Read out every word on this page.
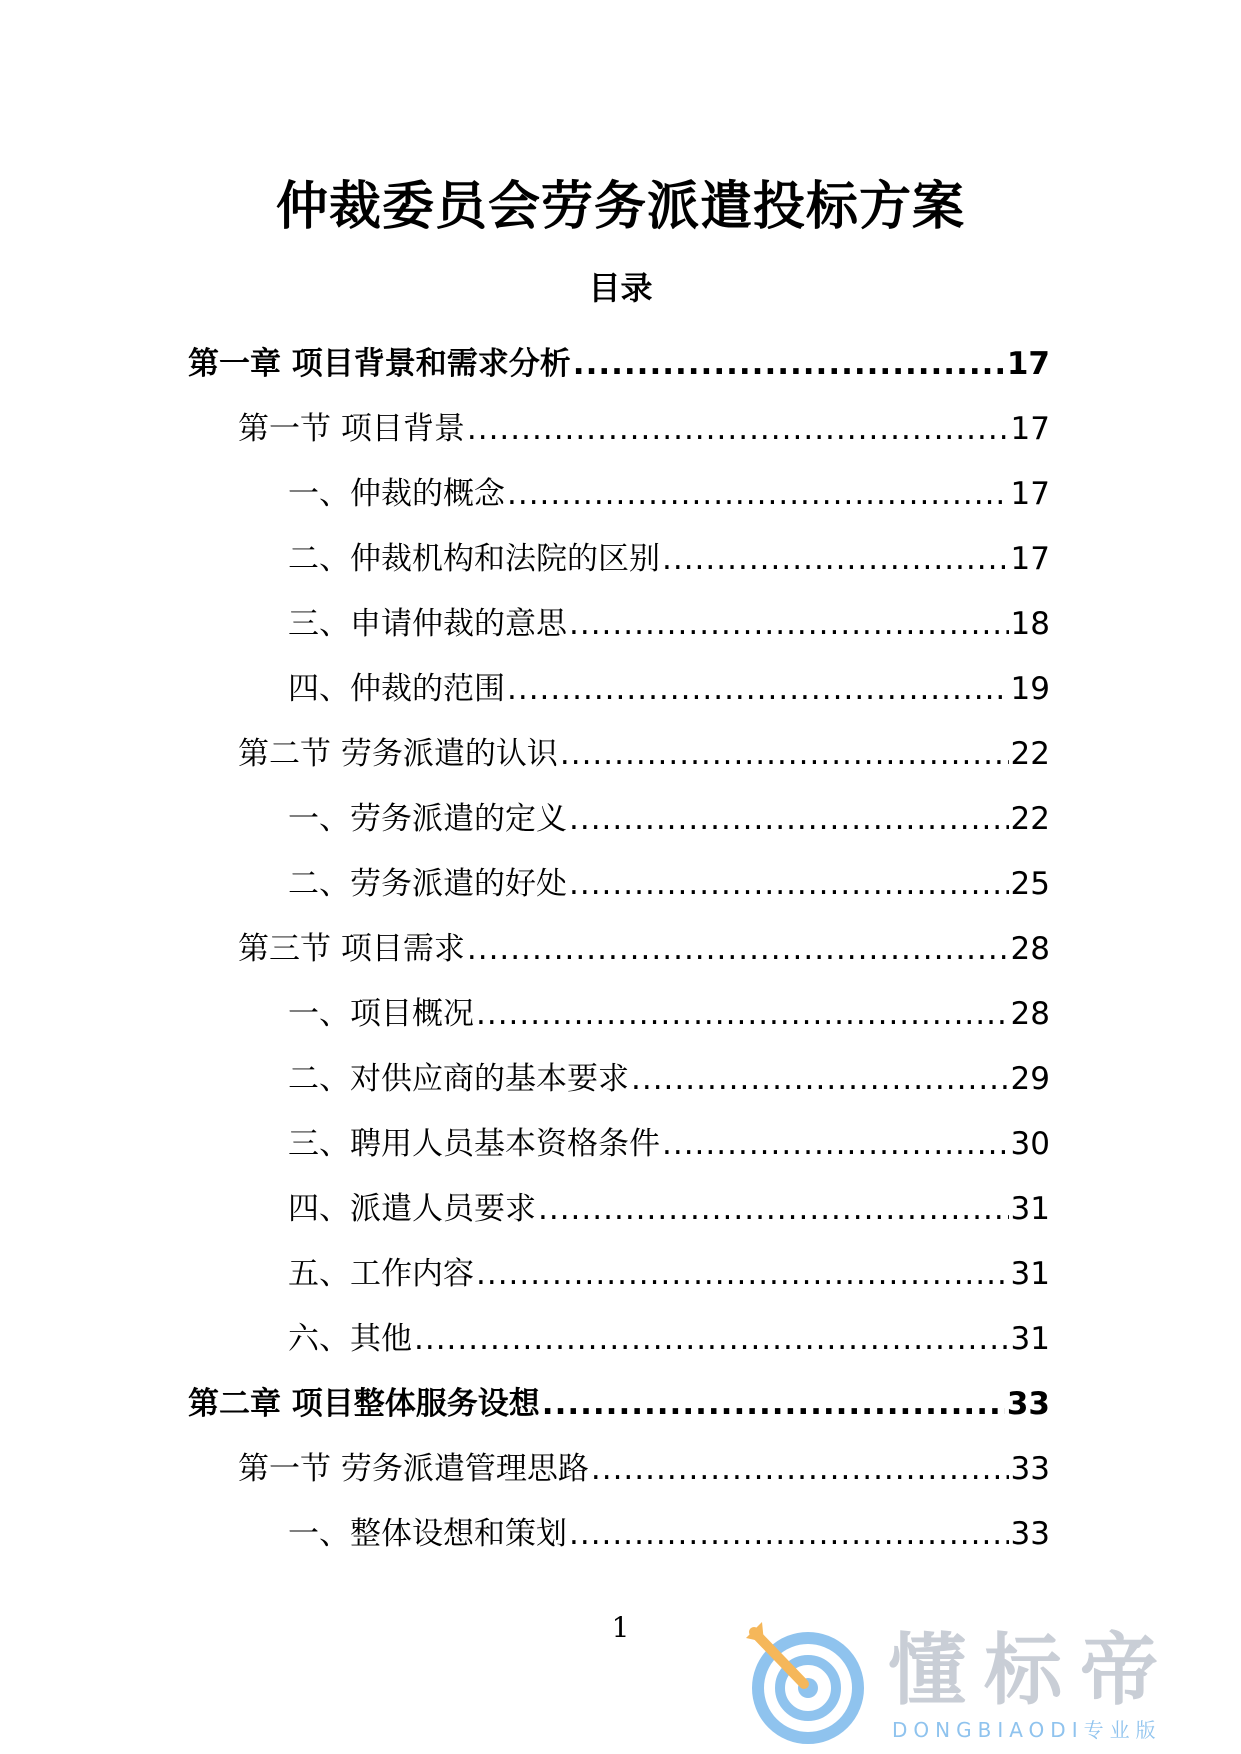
仲裁委员会劳务派遣投标方案
目录
第一章 项目背景和需求分析 .....	17
第一节 项目背景 .....	17
一、仲裁的概念 .....	17
二、仲裁机构和法院的区别 .....	17
三、申请仲裁的意思 .....	18
四、仲裁的范围 .....	19
第二节 劳务派遣的认识 .....	22
一、劳务派遣的定义 .....	22
二、劳务派遣的好处 .....	25
第三节 项目需求 .....	28
一、项目概况 .....	28
二、对供应商的基本要求 .....	29
三、聘用人员基本资格条件 .....	30
四、派遣人员要求 .....	31
五、工作内容 .....	31
六、其他 .....	31
第二章 项目整体服务设想 .....	33
第一节 劳务派遣管理思路 .....	33
一、整体设想和策划 .....	33
1	懂标帝
DONGBIAODI专业版
